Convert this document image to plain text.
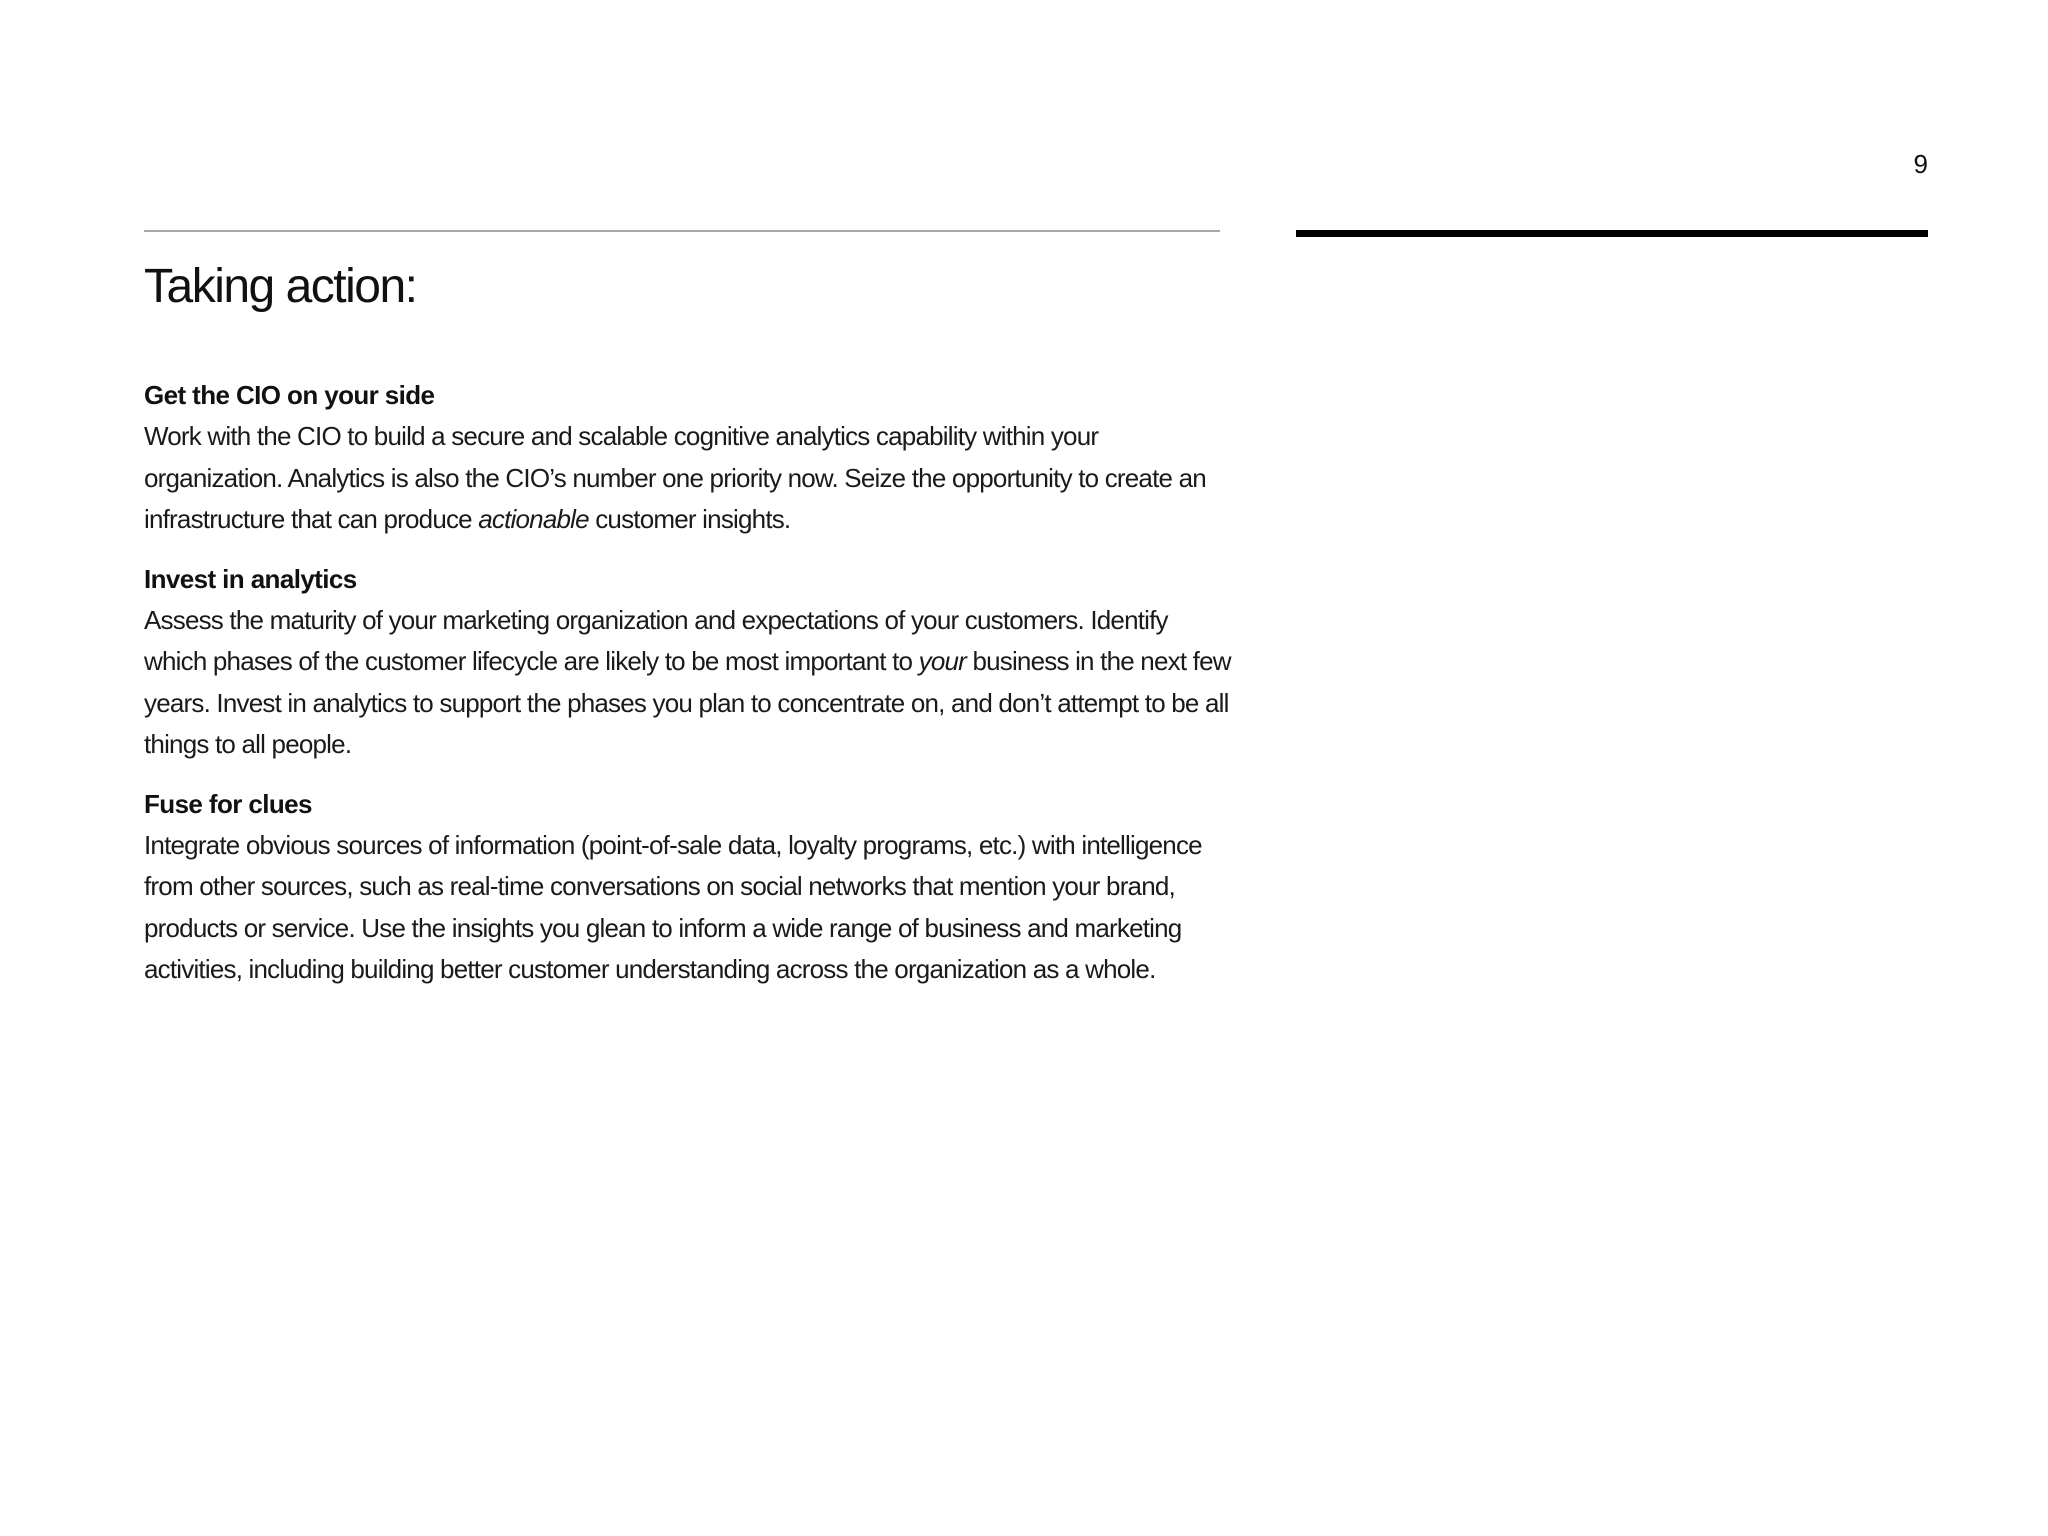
9
Taking action:
Get the CIO on your side
Work with the CIO to build a secure and scalable cognitive analytics capability within your organization. Analytics is also the CIO’s number one priority now. Seize the opportunity to create an infrastructure that can produce actionable customer insights.
Invest in analytics
Assess the maturity of your marketing organization and expectations of your customers. Identify which phases of the customer lifecycle are likely to be most important to your business in the next few years. Invest in analytics to support the phases you plan to concentrate on, and don’t attempt to be all things to all people.
Fuse for clues
Integrate obvious sources of information (point-of-sale data, loyalty programs, etc.) with intelligence from other sources, such as real-time conversations on social networks that mention your brand, products or service. Use the insights you glean to inform a wide range of business and marketing activities, including building better customer understanding across the organization as a whole.
